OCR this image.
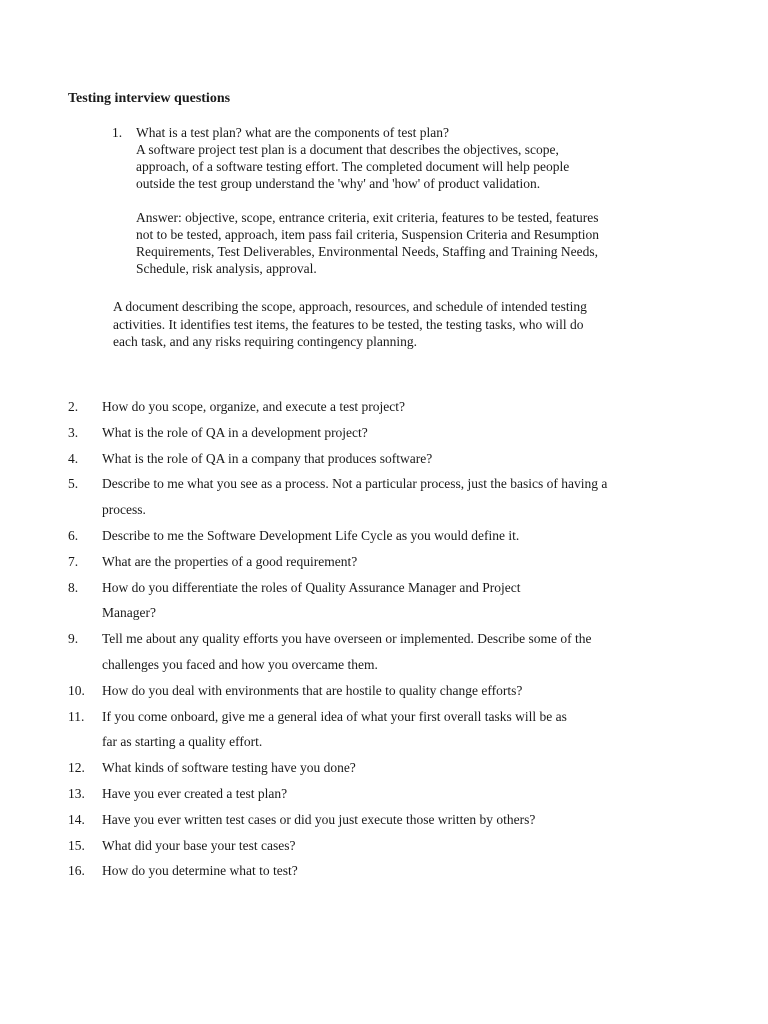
Testing interview questions
1. What is a test plan? what are the components of test plan?
A software project test plan is a document that describes the objectives, scope,
approach, of a software testing effort. The completed document will help people
outside the test group understand the 'why' and 'how' of product validation.
Answer: objective, scope, entrance criteria, exit criteria, features to be tested, features
not to be tested, approach, item pass fail criteria, Suspension Criteria and Resumption
Requirements, Test Deliverables, Environmental Needs, Staffing and Training Needs,
Schedule, risk analysis, approval.
A document describing the scope, approach, resources, and schedule of intended testing
activities. It identifies test items, the features to be tested, the testing tasks, who will do
each task, and any risks requiring contingency planning.
2. How do you scope, organize, and execute a test project?
3. What is the role of QA in a development project?
4. What is the role of QA in a company that produces software?
5. Describe to me what you see as a process. Not a particular process, just the basics of having a
process.
6. Describe to me the Software Development Life Cycle as you would define it.
7. What are the properties of a good requirement?
8. How do you differentiate the roles of Quality Assurance Manager and Project
Manager?
9. Tell me about any quality efforts you have overseen or implemented. Describe some of the
challenges you faced and how you overcame them.
10. How do you deal with environments that are hostile to quality change efforts?
11. If you come onboard, give me a general idea of what your first overall tasks will be as
far as starting a quality effort.
12. What kinds of software testing have you done?
13. Have you ever created a test plan?
14. Have you ever written test cases or did you just execute those written by others?
15. What did your base your test cases?
16. How do you determine what to test?
